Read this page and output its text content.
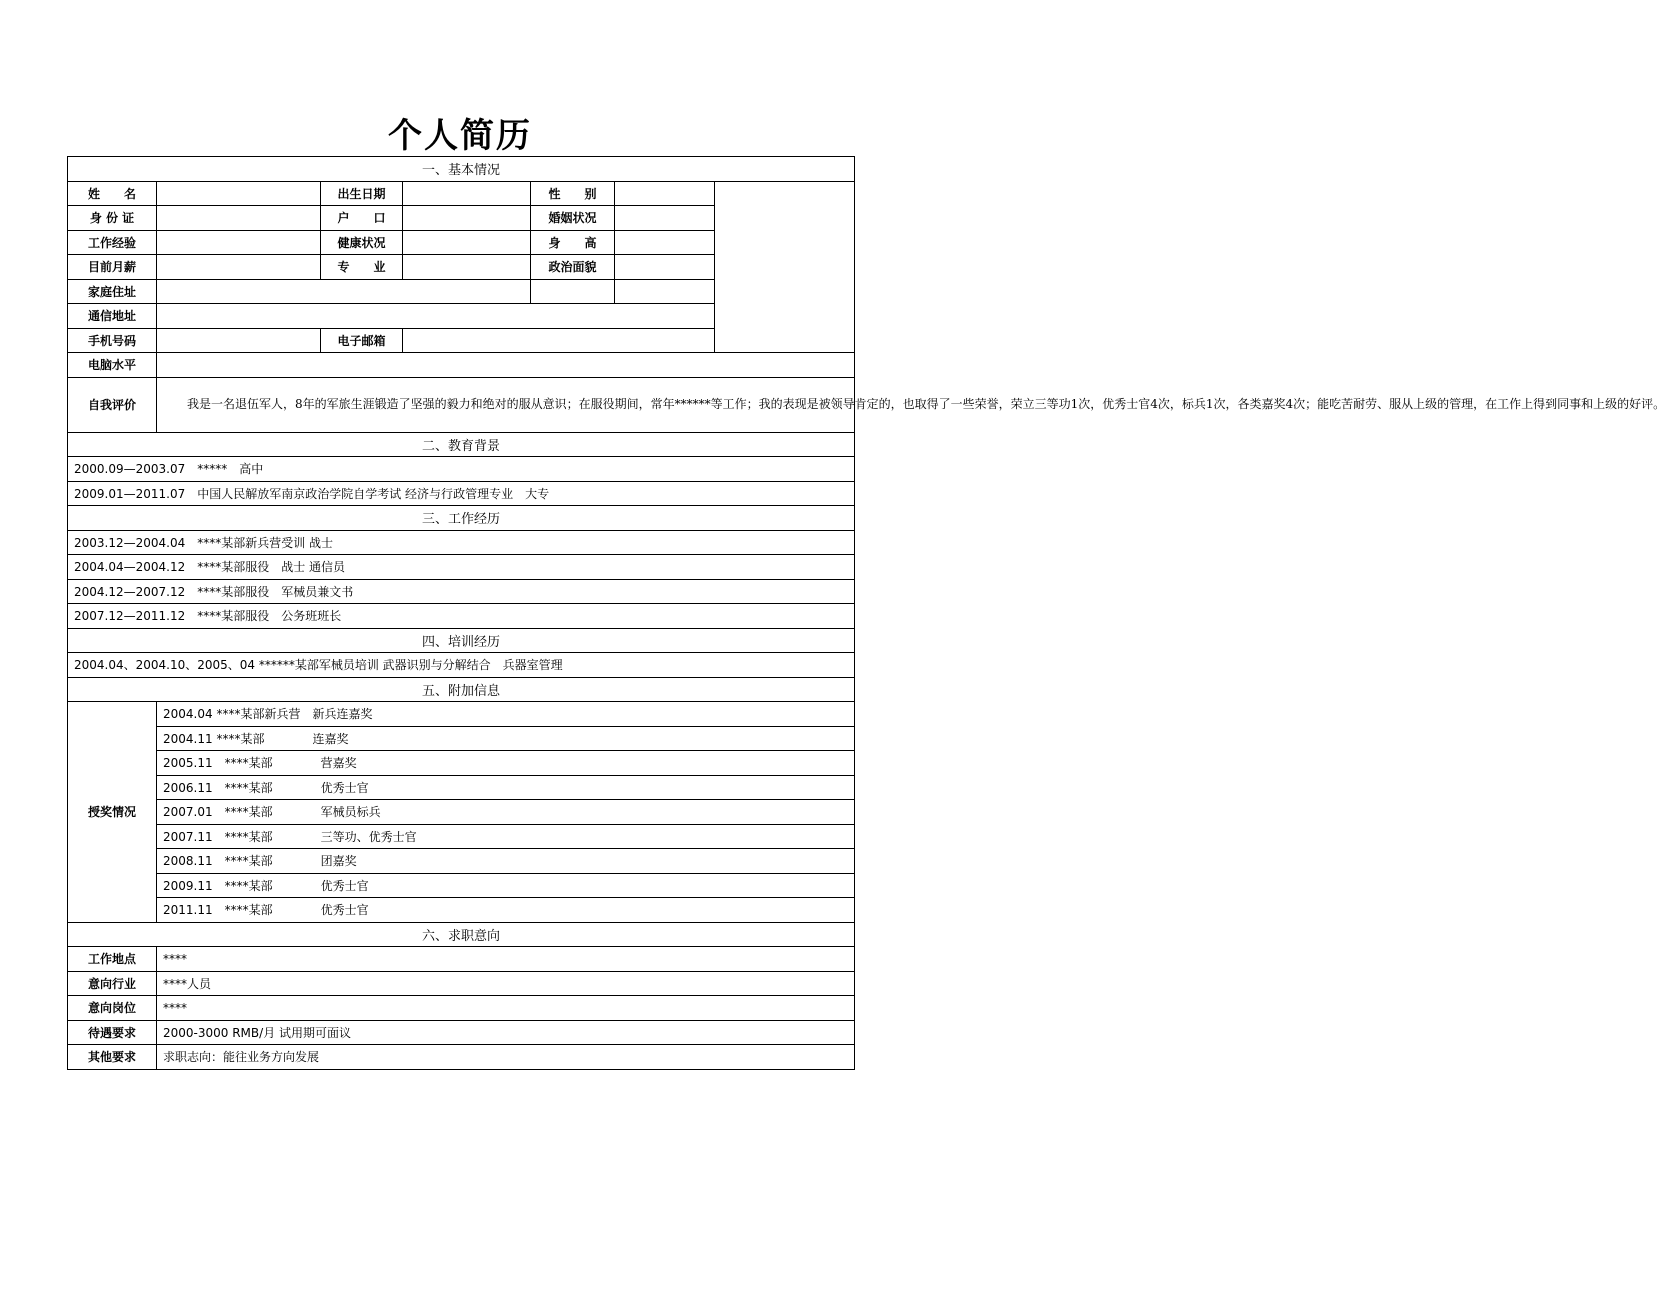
个人简历
一、基本情况						
姓　　名		出生日期		性　　别		
身 份 证		户　　口		婚姻状况		
工作经验		健康状况		身　　高		
目前月薪		专　　业		政治面貌		
家庭住址						
通信地址						
手机号码		电子邮箱				
电脑水平						
自我评价	我是一名退伍军人，8年的军旅生涯锻造了坚强的毅力和绝对的服从意识；在服役期间，常年******等工作；我的表现是被领导肯定的，也取得了一些荣誉，荣立三等功1次，优秀士官4次，标兵1次，各类嘉奖4次；能吃苦耐劳、服从上级的管理，在工作上得到同事和上级的好评。					
二、教育背景						
2000.09—2003.07　*****　高中						
2009.01—2011.07　中国人民解放军南京政治学院自学考试 经济与行政管理专业　大专						
三、工作经历						
2003.12—2004.04　****某部新兵营受训 战士						
2004.04—2004.12　****某部服役　战士 通信员						
2004.12—2007.12　****某部服役　军械员兼文书						
2007.12—2011.12　****某部服役　公务班班长						
四、培训经历						
2004.04、2004.10、2005、04 ******某部军械员培训 武器识别与分解结合　兵器室管理						
五、附加信息						
授奖情况	2004.04 ****某部新兵营　新兵连嘉奖					
	2004.11 ****某部　　　　连嘉奖					
	2005.11　****某部　　　　营嘉奖					
	2006.11　****某部　　　　优秀士官					
	2007.01　****某部　　　　军械员标兵					
	2007.11　****某部　　　　三等功、优秀士官					
	2008.11　****某部　　　　团嘉奖					
	2009.11　****某部　　　　优秀士官					
	2011.11　****某部　　　　优秀士官					
六、求职意向						
工作地点	****					
意向行业	****人员					
意向岗位	****					
待遇要求	2000-3000 RMB/月 试用期可面议					
其他要求	求职志向：能往业务方向发展					
